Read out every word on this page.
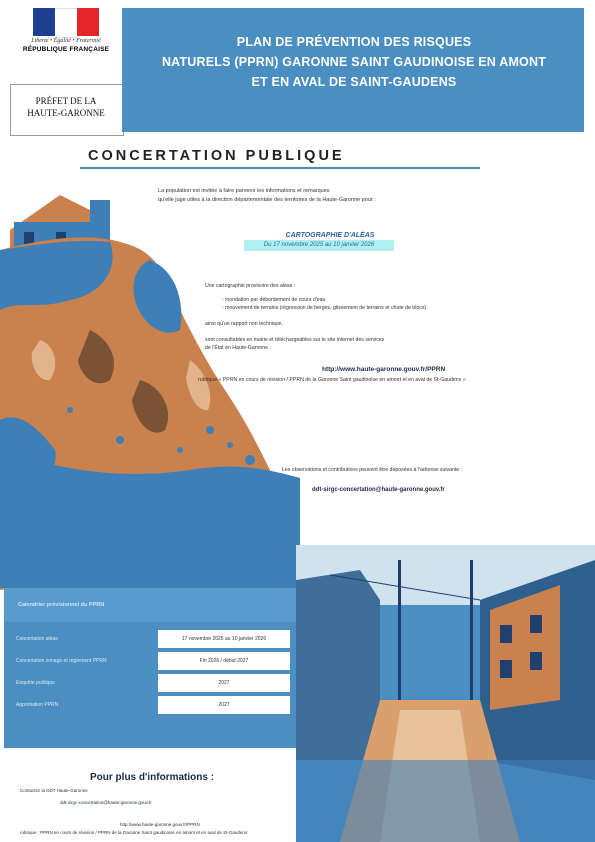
Liberté • Égalité • Fraternité
RÉPUBLIQUE FRANÇAISE
PRÉFET DE LA
HAUTE-GARONNE
PLAN DE PRÉVENTION DES RISQUES
NATURELS (PPRN) GARONNE SAINT GAUDINOISE EN AMONT
ET EN AVAL DE SAINT-GAUDENS
CONCERTATION PUBLIQUE
La population est invitée à faire parvenir les informations et remarques
qu'elle juge utiles à la direction départementale des territoires de la Haute-Garonne pour :
CARTOGRAPHIE D'ALÉAS
Du 17 novembre 2025 au 10 janvier 2026
Une cartographie provisoire des aléas :
- inondation par débordement de cours d'eau
- mouvement de terrains (régression de berges, glissement de terrains et chute de blocs)
ainsi qu'un rapport non technique,
sont consultables en mairie et téléchargeables sur le site internet des services
de l'État en Haute-Garonne :
http://www.haute-garonne.gouv.fr/PPRN
rubrique « PPRN en cours de révision / PPRN de la Garonne Saint gaudinoise en amont et en aval de St-Gaudens »
Les observations et contributions peuvent être déposées à l'adresse suivante :
ddt-sirgc-concertation@haute-garonne.gouv.fr
Calendrier prévisionnel du PPRN
Concertation aléas	17 novembre 2025 au 10 janvier 2026
Concertation zonage et règlement PPRN	Fin 2026 / début 2027
Enquête publique	2027
Approbation PPRN	2027
Pour plus d'informations :
Contactez la DDT Haute-Garonne
ddt-sirgc-concertation@haute-garonne.gouv.fr
http://www.haute-garonne.gouv.fr/PPRN
rubrique : PPRN en cours de révision / PPRN de la Garonne Saint gaudinoise en amont et en aval de St-Gaudens
